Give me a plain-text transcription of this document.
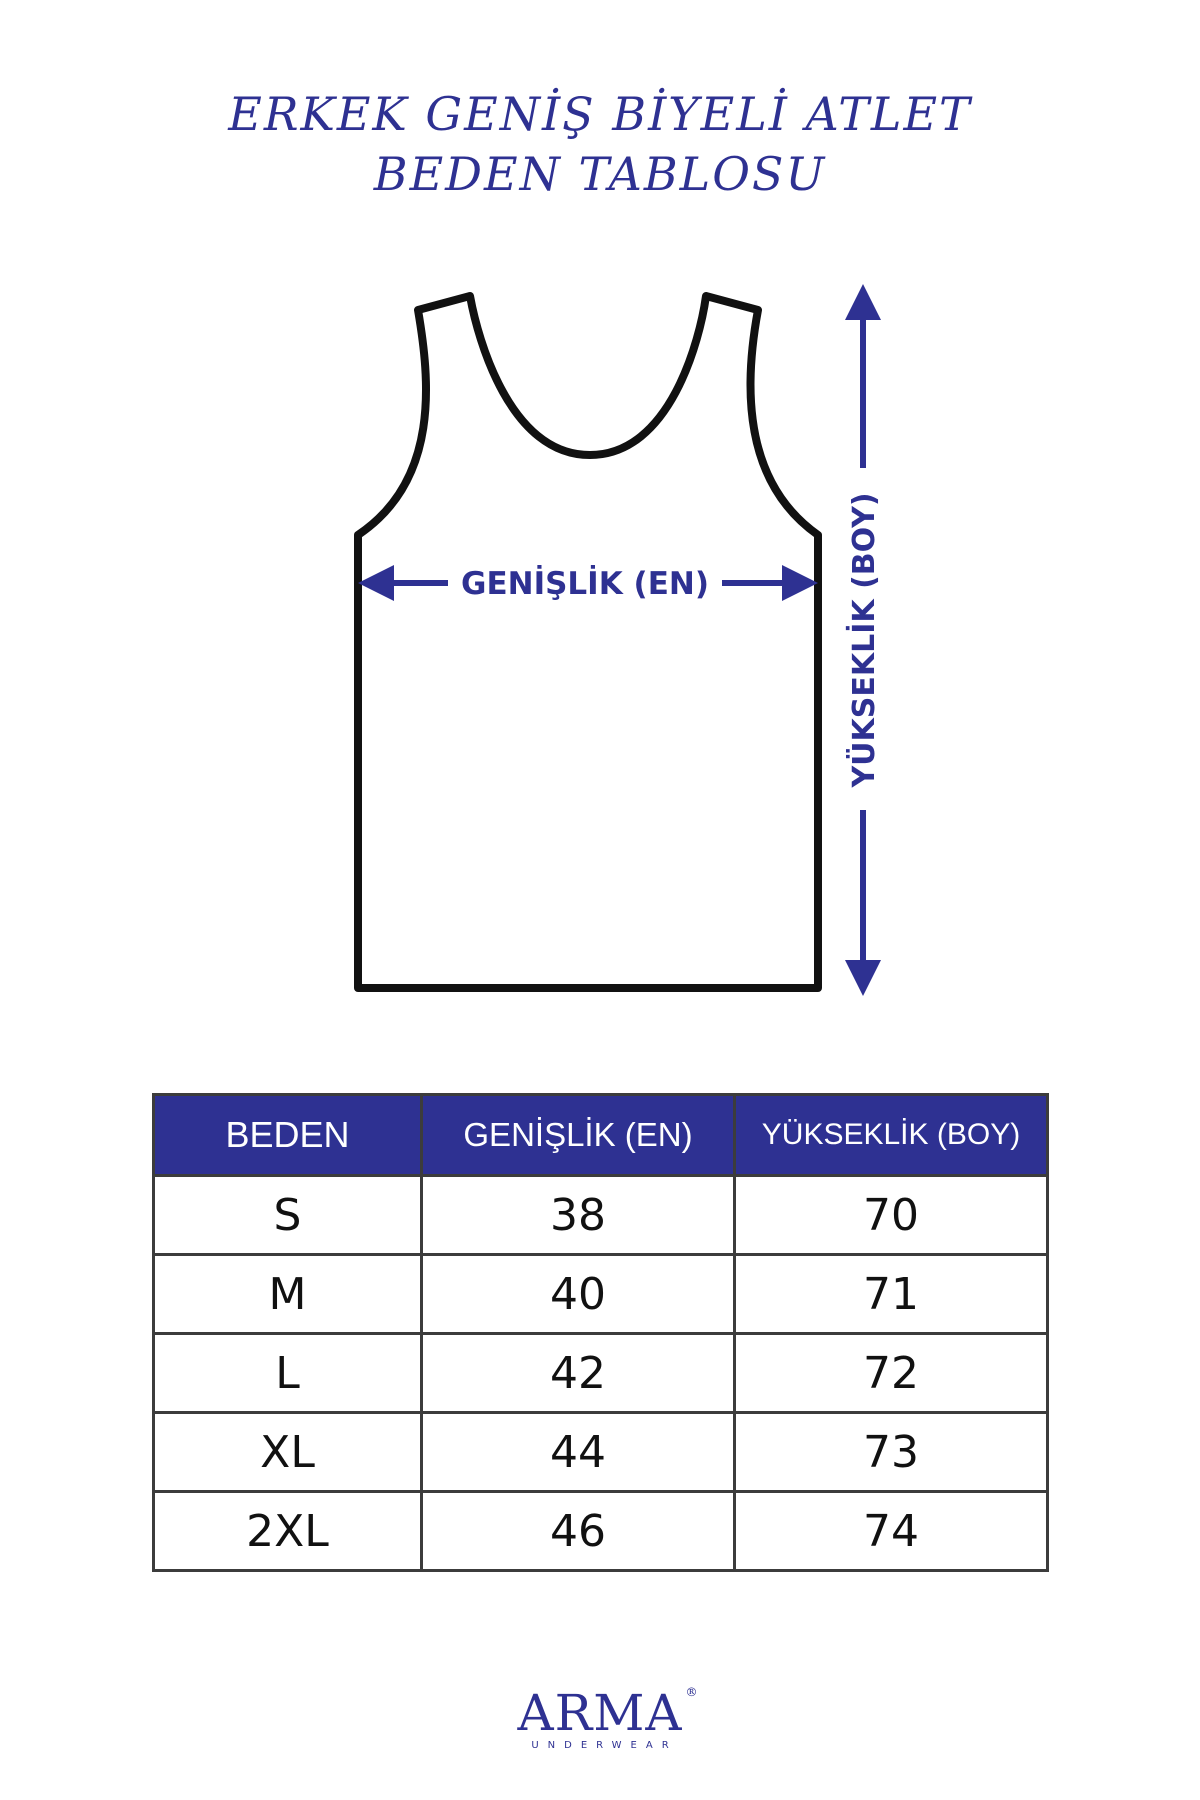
ERKEK GENİŞ BİYELİ ATLET
BEDEN TABLOSU
GENİŞLİK (EN)	YÜKSEKLİK (BOY)
BEDEN	GENİŞLİK (EN)	YÜKSEKLİK (BOY)
S	38	70
M	40	71
L	42	72
XL	44	73
2XL	46	74
ARMA ®
UNDERWEAR
